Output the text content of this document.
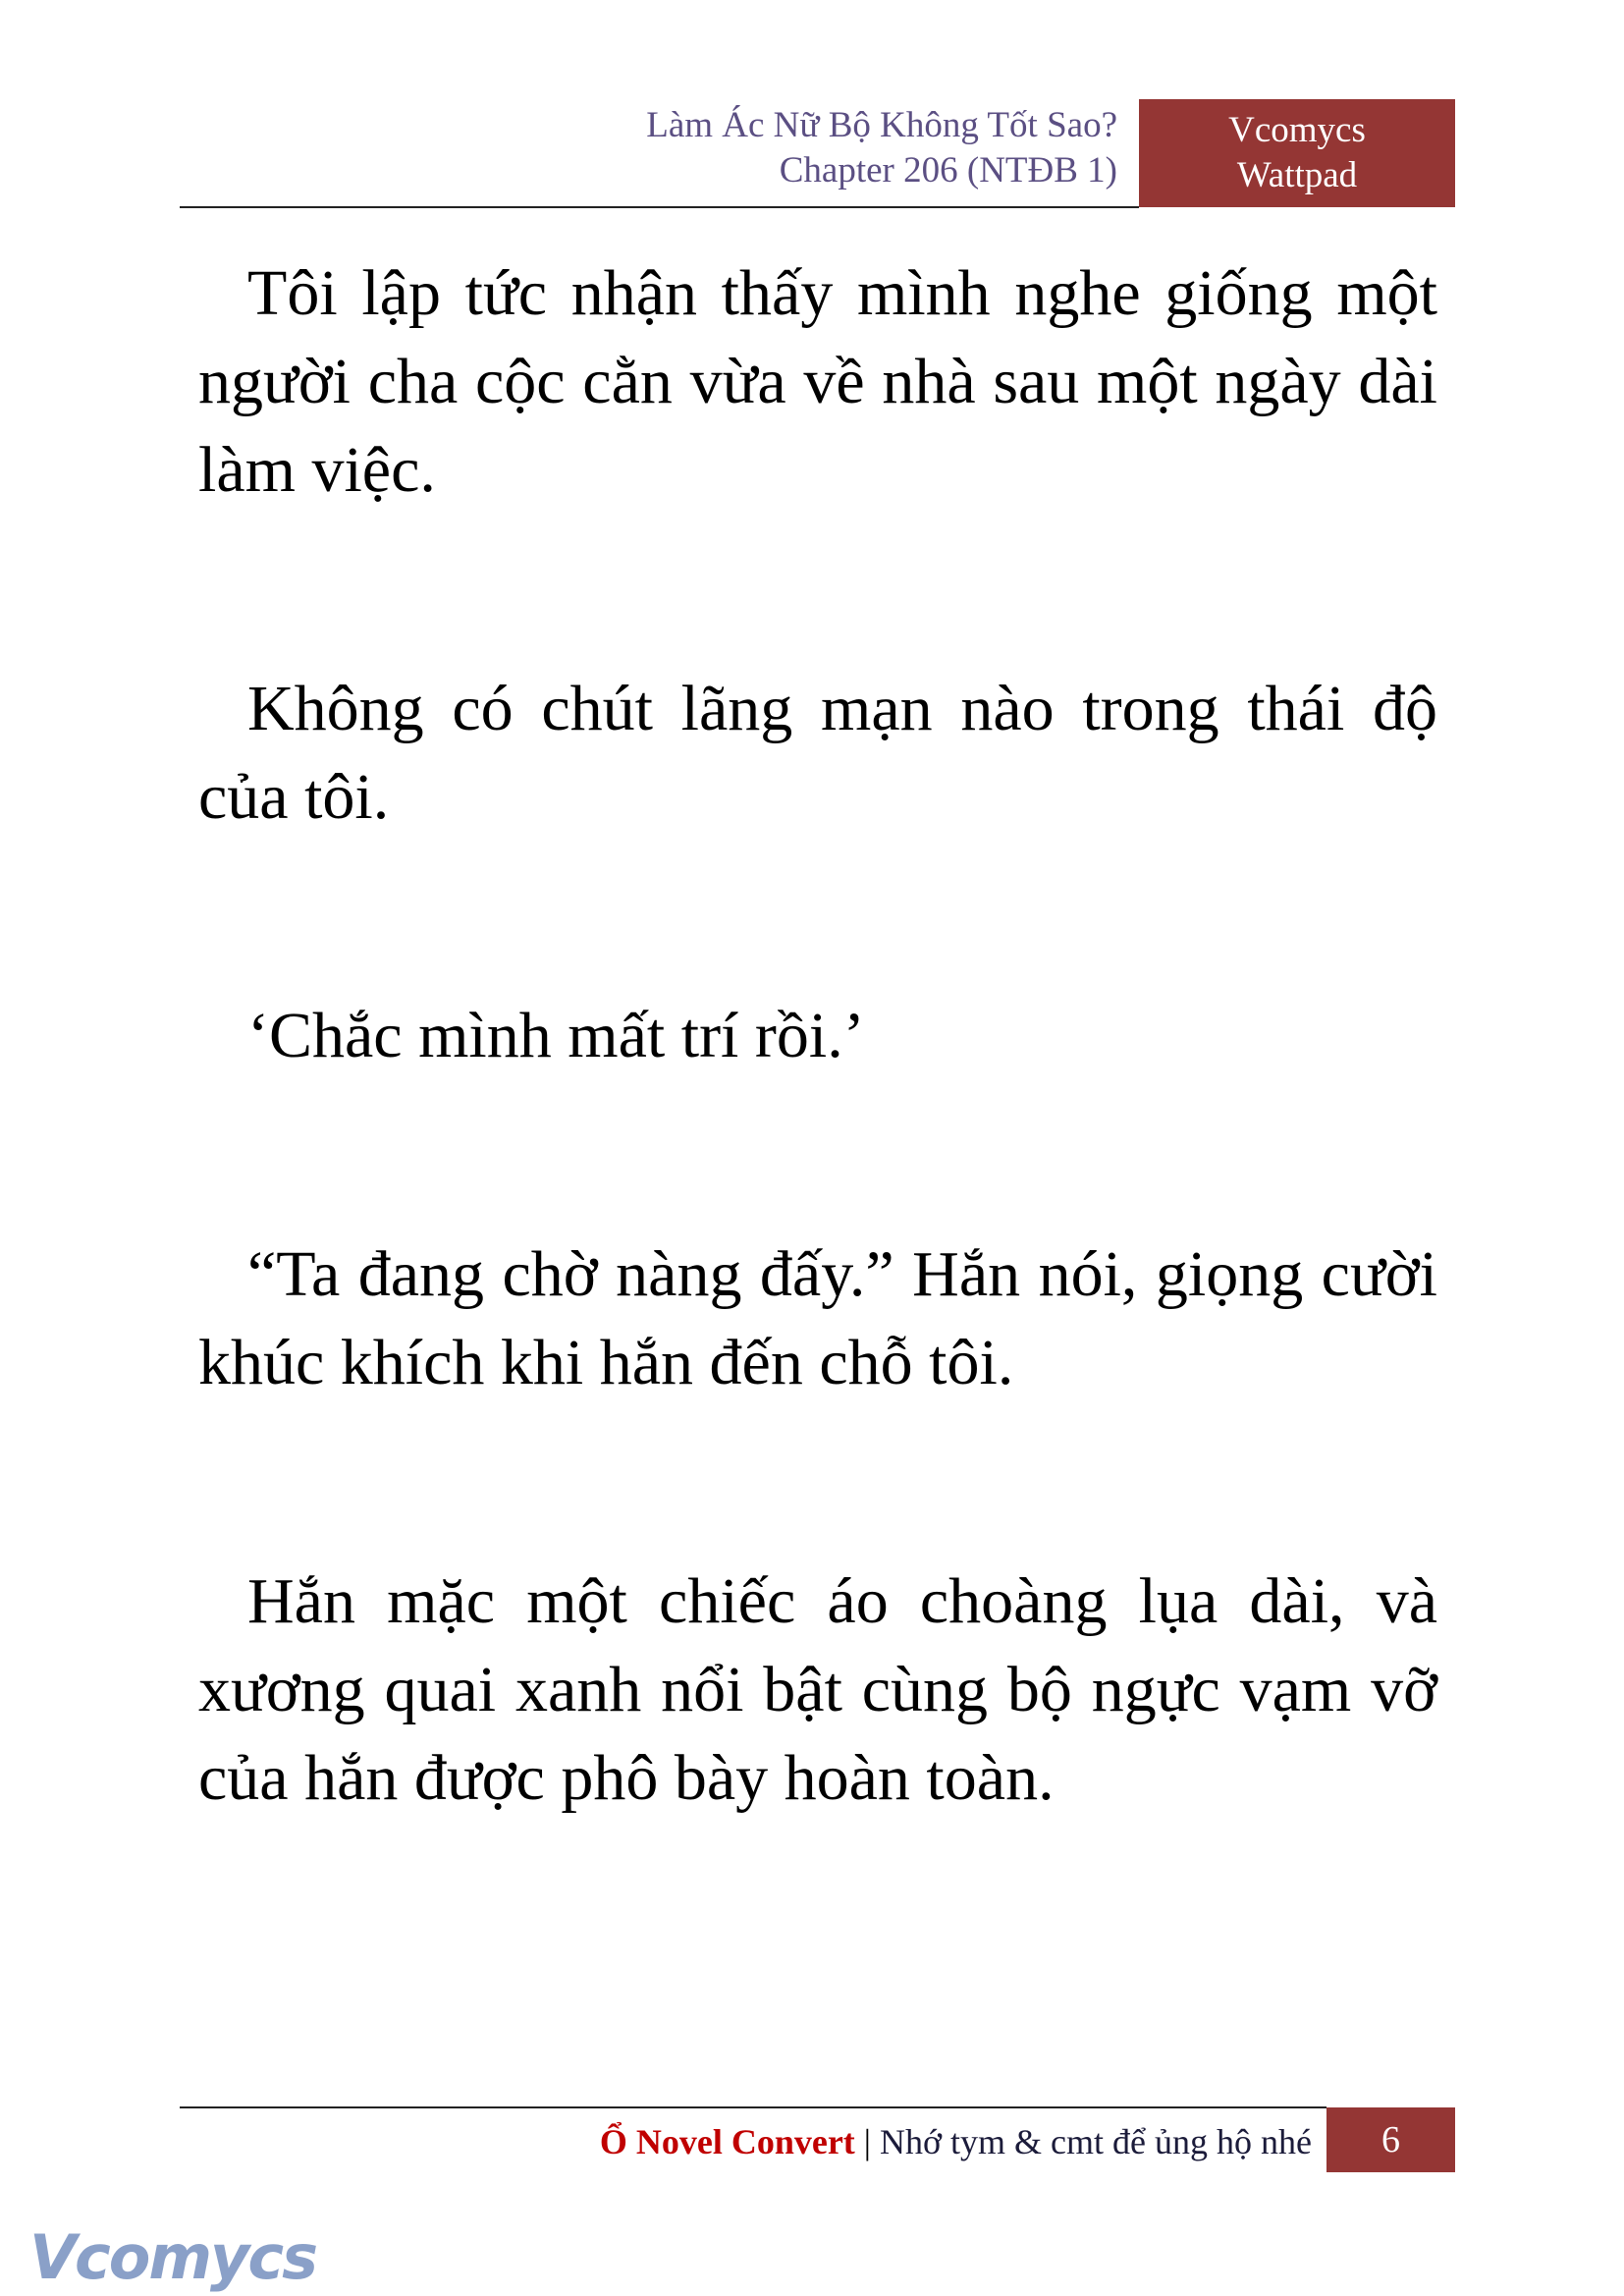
Làm Ác Nữ Bộ Không Tốt Sao?
Chapter 206 (NTĐB 1)
Vcomycs
Wattpad

Tôi lập tức nhận thấy mình nghe giống một người cha cộc cằn vừa về nhà sau một ngày dài làm việc.

Không có chút lãng mạn nào trong thái độ của tôi.

‘Chắc mình mất trí rồi.’

“Ta đang chờ nàng đấy.” Hắn nói, giọng cười khúc khích khi hắn đến chỗ tôi.

Hắn mặc một chiếc áo choàng lụa dài, và xương quai xanh nổi bật cùng bộ ngực vạm vỡ của hắn được phô bày hoàn toàn.

Ổ Novel Convert | Nhớ tym & cmt để ủng hộ nhé 6
Vcomycs
